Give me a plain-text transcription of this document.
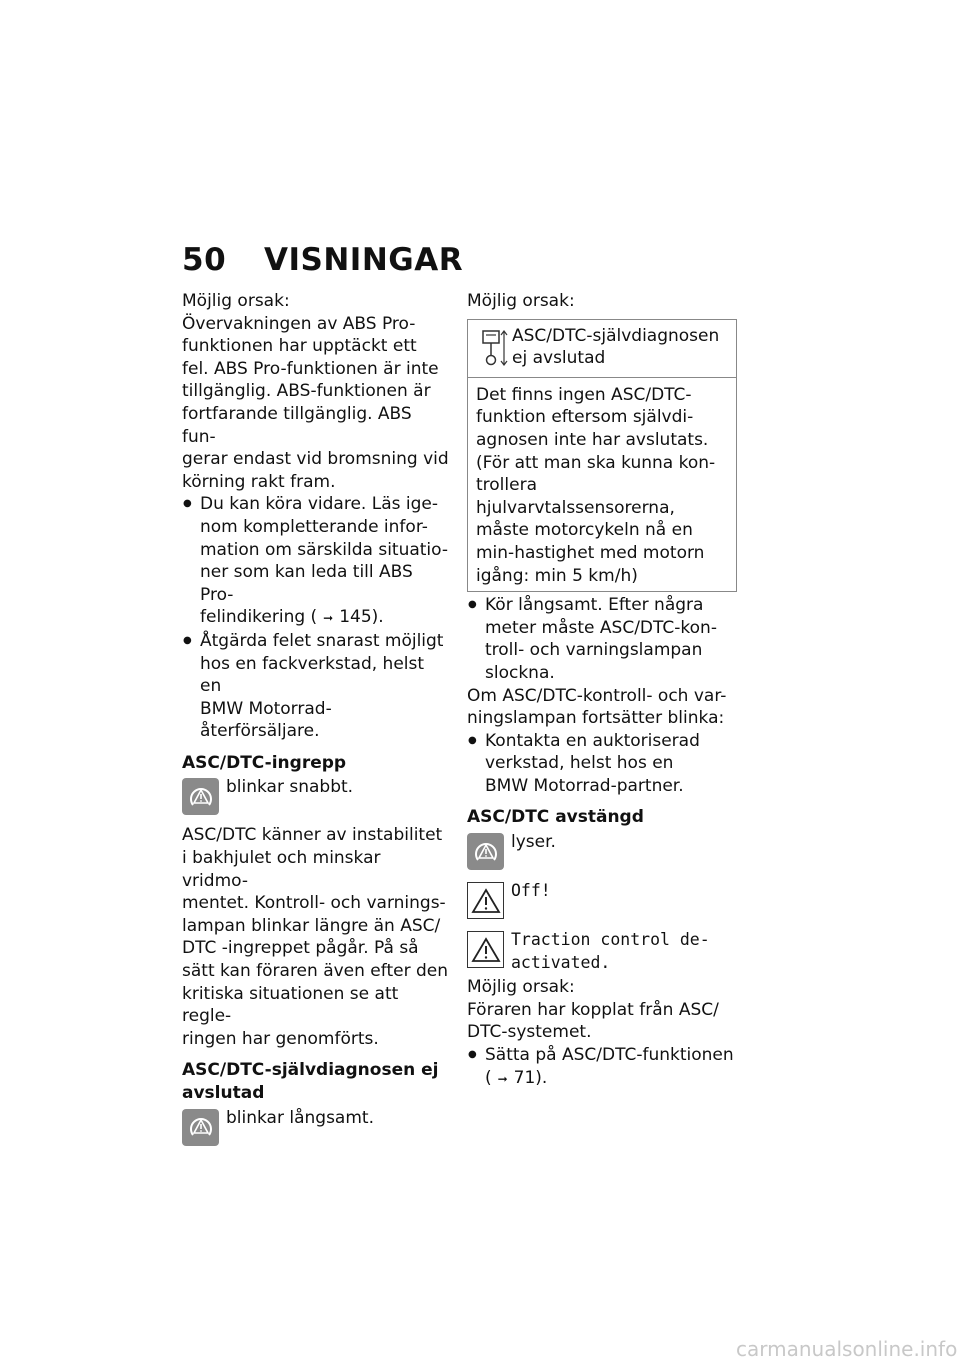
50 VISNINGAR

Möjlig orsak:

Övervakningen av ABS Pro-

funktionen har upptäckt ett

fel. ABS Pro-funktionen är inte

tillgänglig. ABS-funktionen är

fortfarande tillgänglig. ABS fun-

gerar endast vid bromsning vid

körning rakt fram.

● Du kan köra vidare. Läs ige-

nom kompletterande infor-

mation om särskilda situatio-

ner som kan leda till ABS Pro-

felindikering ( ➞ 145).

● Åtgärda felet snarast möjligt

hos en fackverkstad, helst en

BMW Motorrad-återförsäljare.

ASC/DTC-ingrepp

blinkar snabbt.

ASC/DTC känner av instabilitet

i bakhjulet och minskar vridmo-

mentet. Kontroll- och varnings-

lampan blinkar längre än ASC/

DTC -ingreppet pågår. På så

sätt kan föraren även efter den

kritiska situationen se att regle-

ringen har genomförts.

ASC/DTC-självdiagnosen ej

avslutad

blinkar långsamt.

Möjlig orsak:

ASC/DTC-självdiagnosen

ej avslutad

Det finns ingen ASC/DTC-

funktion eftersom självdi-

agnosen inte har avslutats.

(För att man ska kunna kon-

trollera hjulvarvtalssensorerna,

måste motorcykeln nå en

min-hastighet med motorn

igång: min 5 km/h)

● Kör långsamt. Efter några

meter måste ASC/DTC-kon-

troll- och varningslampan

slockna.

Om ASC/DTC-kontroll- och var-

ningslampan fortsätter blinka:

● Kontakta en auktoriserad

verkstad, helst hos en

BMW Motorrad-partner.

ASC/DTC avstängd

lyser.

Off!

Traction control de-

activated.

Möjlig orsak:

Föraren har kopplat från ASC/

DTC-systemet.

● Sätta på ASC/DTC-funktionen

( ➞ 71).

carmanualsonline.info
